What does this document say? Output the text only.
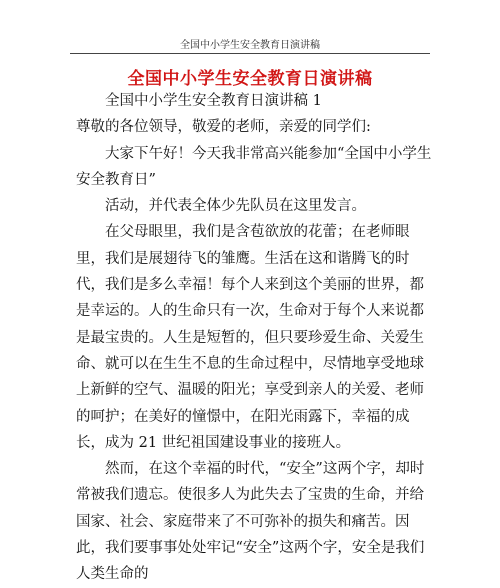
全国中小学生安全教育日演讲稿
全国中小学生安全教育日演讲稿

全国中小学生安全教育日演讲稿 1

尊敬的各位领导，敬爱的老师，亲爱的同学们:

大家下午好！今天我非常高兴能参加“全国中小学生安全教育日”

活动，并代表全体少先队员在这里发言。

在父母眼里，我们是含苞欲放的花蕾；在老师眼里，我们是展翅待飞的雏鹰。生活在这和谐腾飞的时代，我们是多么幸福！每个人来到这个美丽的世界，都是幸运的。人的生命只有一次，生命对于每个人来说都是最宝贵的。人生是短暂的，但只要珍爱生命、关爱生命、就可以在生生不息的生命过程中，尽情地享受地球上新鲜的空气、温暖的阳光；享受到亲人的关爱、老师的呵护；在美好的憧憬中，在阳光雨露下，幸福的成长，成为 21 世纪祖国建设事业的接班人。

然而，在这个幸福的时代，“安全”这两个字，却时常被我们遗忘。使很多人为此失去了宝贵的生命，并给国家、社会、家庭带来了不可弥补的损失和痛苦。因此，我们要事事处处牢记“安全”这两个字，安全是我们人类生命的
